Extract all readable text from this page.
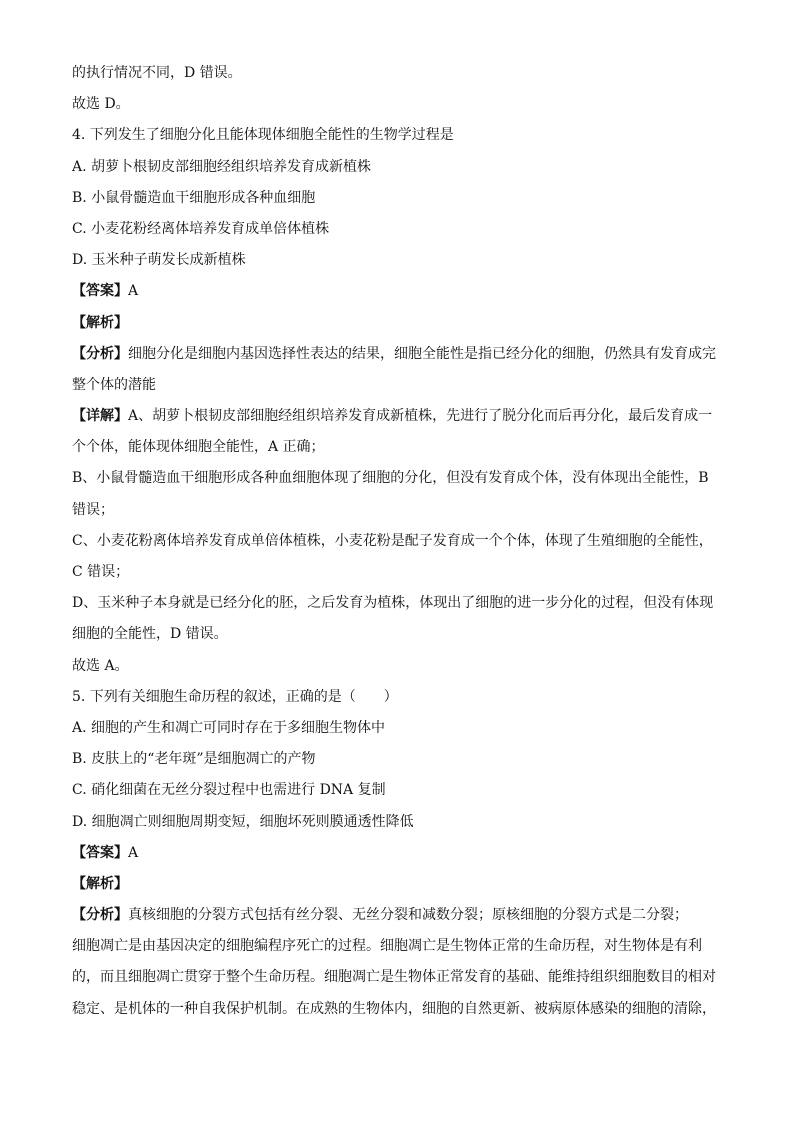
的执行情况不同，D 错误。

故选 D。

4. 下列发生了细胞分化且能体现体细胞全能性的生物学过程是

A. 胡萝卜根韧皮部细胞经组织培养发育成新植株

B. 小鼠骨髓造血干细胞形成各种血细胞

C. 小麦花粉经离体培养发育成单倍体植株

D. 玉米种子萌发长成新植株

【答案】A

【解析】

【分析】细胞分化是细胞内基因选择性表达的结果，细胞全能性是指已经分化的细胞，仍然具有发育成完

整个体的潜能

【详解】A、胡萝卜根韧皮部细胞经组织培养发育成新植株，先进行了脱分化而后再分化，最后发育成一

个个体，能体现体细胞全能性，A 正确；

B、小鼠骨髓造血干细胞形成各种血细胞体现了细胞的分化，但没有发育成个体，没有体现出全能性，B

错误；

C、小麦花粉离体培养发育成单倍体植株，小麦花粉是配子发育成一个个体，体现了生殖细胞的全能性，

C 错误；

D、玉米种子本身就是已经分化的胚，之后发育为植株，体现出了细胞的进一步分化的过程，但没有体现

细胞的全能性，D 错误。

故选 A。

5. 下列有关细胞生命历程的叙述，正确的是（　　）

A. 细胞的产生和凋亡可同时存在于多细胞生物体中

B. 皮肤上的“老年斑”是细胞凋亡的产物

C. 硝化细菌在无丝分裂过程中也需进行 DNA 复制

D. 细胞凋亡则细胞周期变短，细胞坏死则膜通透性降低

【答案】A

【解析】

【分析】真核细胞的分裂方式包括有丝分裂、无丝分裂和减数分裂；原核细胞的分裂方式是二分裂；

细胞凋亡是由基因决定的细胞编程序死亡的过程。细胞凋亡是生物体正常的生命历程，对生物体是有利

的，而且细胞凋亡贯穿于整个生命历程。细胞凋亡是生物体正常发育的基础、能维持组织细胞数目的相对

稳定、是机体的一种自我保护机制。在成熟的生物体内，细胞的自然更新、被病原体感染的细胞的清除，
